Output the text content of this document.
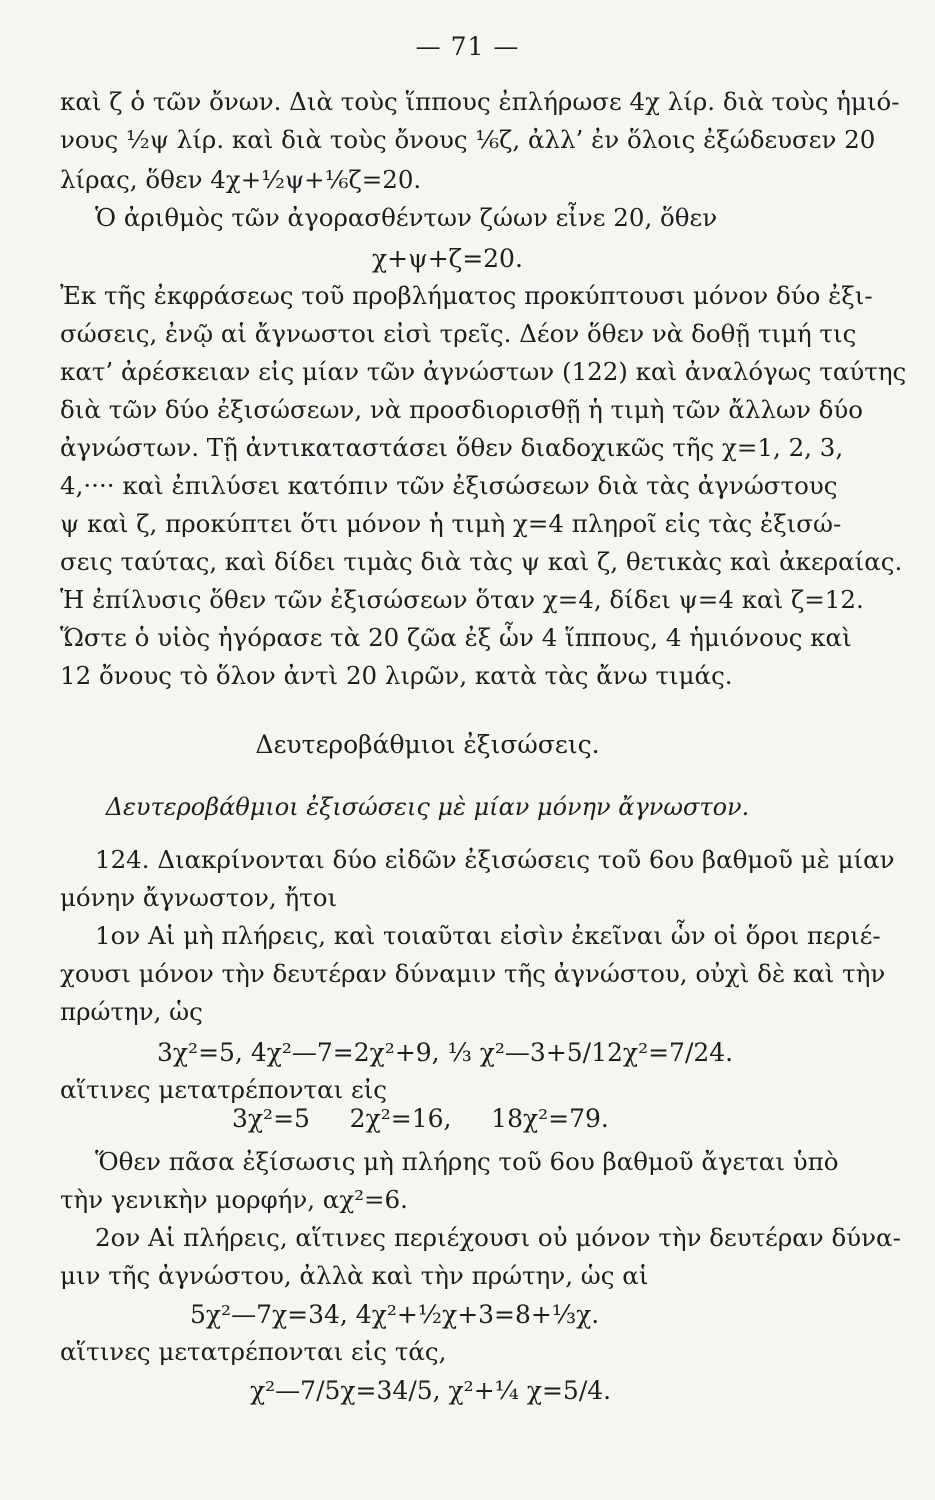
— 71 —
καὶ ζ ὁ τῶν ὄνων. Διὰ τοὺς ἵππους ἐπλήρωσε 4χ λίρ. διὰ τοὺς ἡμιό-
νους ½ψ λίρ. καὶ διὰ τοὺς ὄνους ⅙ζ, ἀλλ’ ἐν ὅλοις ἐξώδευσεν 20
λίρας, ὅθεν 4χ+½ψ+⅙ζ=20.
Ὁ ἀριθμὸς τῶν ἀγορασθέντων ζώων εἶνε 20, ὅθεν
χ+ψ+ζ=20.
Ἐκ τῆς ἐκφράσεως τοῦ προβλήματος προκύπτουσι μόνον δύο ἐξι-
σώσεις, ἐνῷ αἱ ἄγνωστοι εἰσὶ τρεῖς. Δέον ὅθεν νὰ δοθῇ τιμή τις
κατ’ ἀρέσκειαν εἰς μίαν τῶν ἀγνώστων (122) καὶ ἀναλόγως ταύτης
διὰ τῶν δύο ἐξισώσεων, νὰ προσδιορισθῇ ἡ τιμὴ τῶν ἄλλων δύο
ἀγνώστων. Τῇ ἀντικαταστάσει ὅθεν διαδοχικῶς τῆς χ=1, 2, 3,
4,···· καὶ ἐπιλύσει κατόπιν τῶν ἐξισώσεων διὰ τὰς ἀγνώστους
ψ καὶ ζ, προκύπτει ὅτι μόνον ἡ τιμὴ χ=4 πληροῖ εἰς τὰς ἐξισώ-
σεις ταύτας, καὶ δίδει τιμὰς διὰ τὰς ψ καὶ ζ, θετικὰς καὶ ἀκεραίας.
Ἡ ἐπίλυσις ὅθεν τῶν ἐξισώσεων ὅταν χ=4, δίδει ψ=4 καὶ ζ=12.
Ὥστε ὁ υἱὸς ἠγόρασε τὰ 20 ζῶα ἐξ ὧν 4 ἵππους, 4 ἡμιόνους καὶ
12 ὄνους τὸ ὅλον ἀντὶ 20 λιρῶν, κατὰ τὰς ἄνω τιμάς.
Δευτεροβάθμιοι ἐξισώσεις.
Δευτεροβάθμιοι ἐξισώσεις μὲ μίαν μόνην ἄγνωστον.
124. Διακρίνονται δύο εἰδῶν ἐξισώσεις τοῦ 6ου βαθμοῦ μὲ μίαν
μόνην ἄγνωστον, ἤτοι
1ον Αἱ μὴ πλήρεις, καὶ τοιαῦται εἰσὶν ἐκεῖναι ὧν οἱ ὅροι περιέ-
χουσι μόνον τὴν δευτέραν δύναμιν τῆς ἀγνώστου, οὐχὶ δὲ καὶ τὴν
πρώτην, ὡς
3χ²=5, 4χ²—7=2χ²+9, ⅓ χ²—3+5/12χ²=7/24.
αἵτινες μετατρέπονται εἰς
3χ²=5     2χ²=16,     18χ²=79.
Ὅθεν πᾶσα ἐξίσωσις μὴ πλήρης τοῦ 6ου βαθμοῦ ἄγεται ὑπὸ
τὴν γενικὴν μορφήν, αχ²=6.
2ον Αἱ πλήρεις, αἵτινες περιέχουσι οὐ μόνον τὴν δευτέραν δύνα-
μιν τῆς ἀγνώστου, ἀλλὰ καὶ τὴν πρώτην, ὡς αἱ
5χ²—7χ=34, 4χ²+½χ+3=8+⅓χ.
αἵτινες μετατρέπονται εἰς τάς,
χ²—7/5χ=34/5, χ²+¼ χ=5/4.
